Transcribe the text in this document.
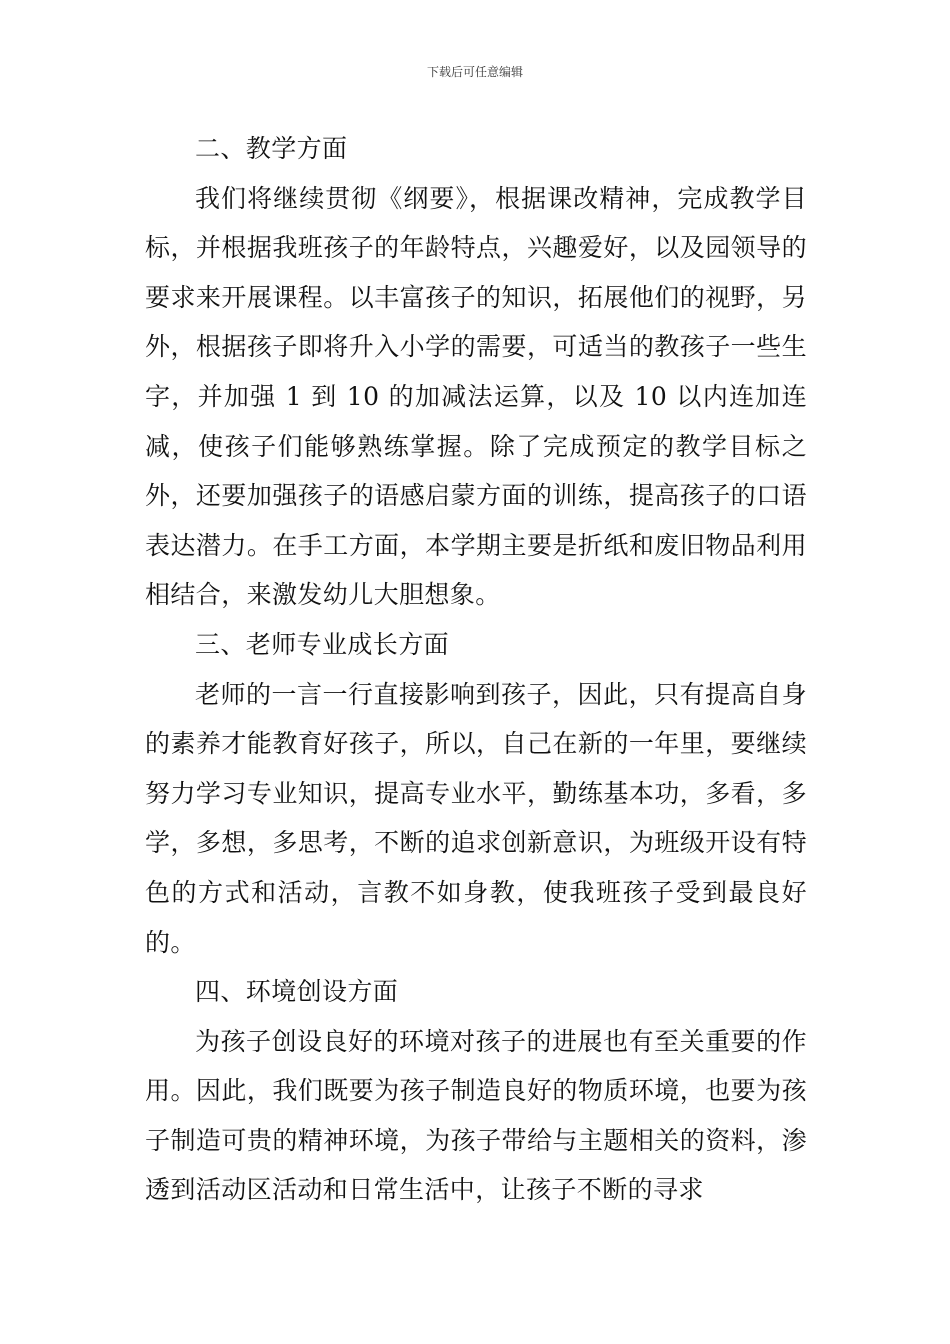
下载后可任意编辑

二、教学方面

我们将继续贯彻《纲要》，根据课改精神，完成教学目标，并根据我班孩子的年龄特点，兴趣爱好，以及园领导的要求来开展课程。以丰富孩子的知识，拓展他们的视野，另外，根据孩子即将升入小学的需要，可适当的教孩子一些生字，并加强 1 到 10 的加减法运算，以及 10 以内连加连减，使孩子们能够熟练掌握。除了完成预定的教学目标之外，还要加强孩子的语感启蒙方面的训练，提高孩子的口语表达潜力。在手工方面，本学期主要是折纸和废旧物品利用相结合，来激发幼儿大胆想象。

三、老师专业成长方面

老师的一言一行直接影响到孩子，因此，只有提高自身的素养才能教育好孩子，所以，自己在新的一年里，要继续努力学习专业知识，提高专业水平，勤练基本功，多看，多学，多想，多思考，不断的追求创新意识，为班级开设有特色的方式和活动，言教不如身教，使我班孩子受到最良好的。

四、环境创设方面

为孩子创设良好的环境对孩子的进展也有至关重要的作用。因此，我们既要为孩子制造良好的物质环境，也要为孩子制造可贵的精神环境，为孩子带给与主题相关的资料，渗透到活动区活动和日常生活中，让孩子不断的寻求
